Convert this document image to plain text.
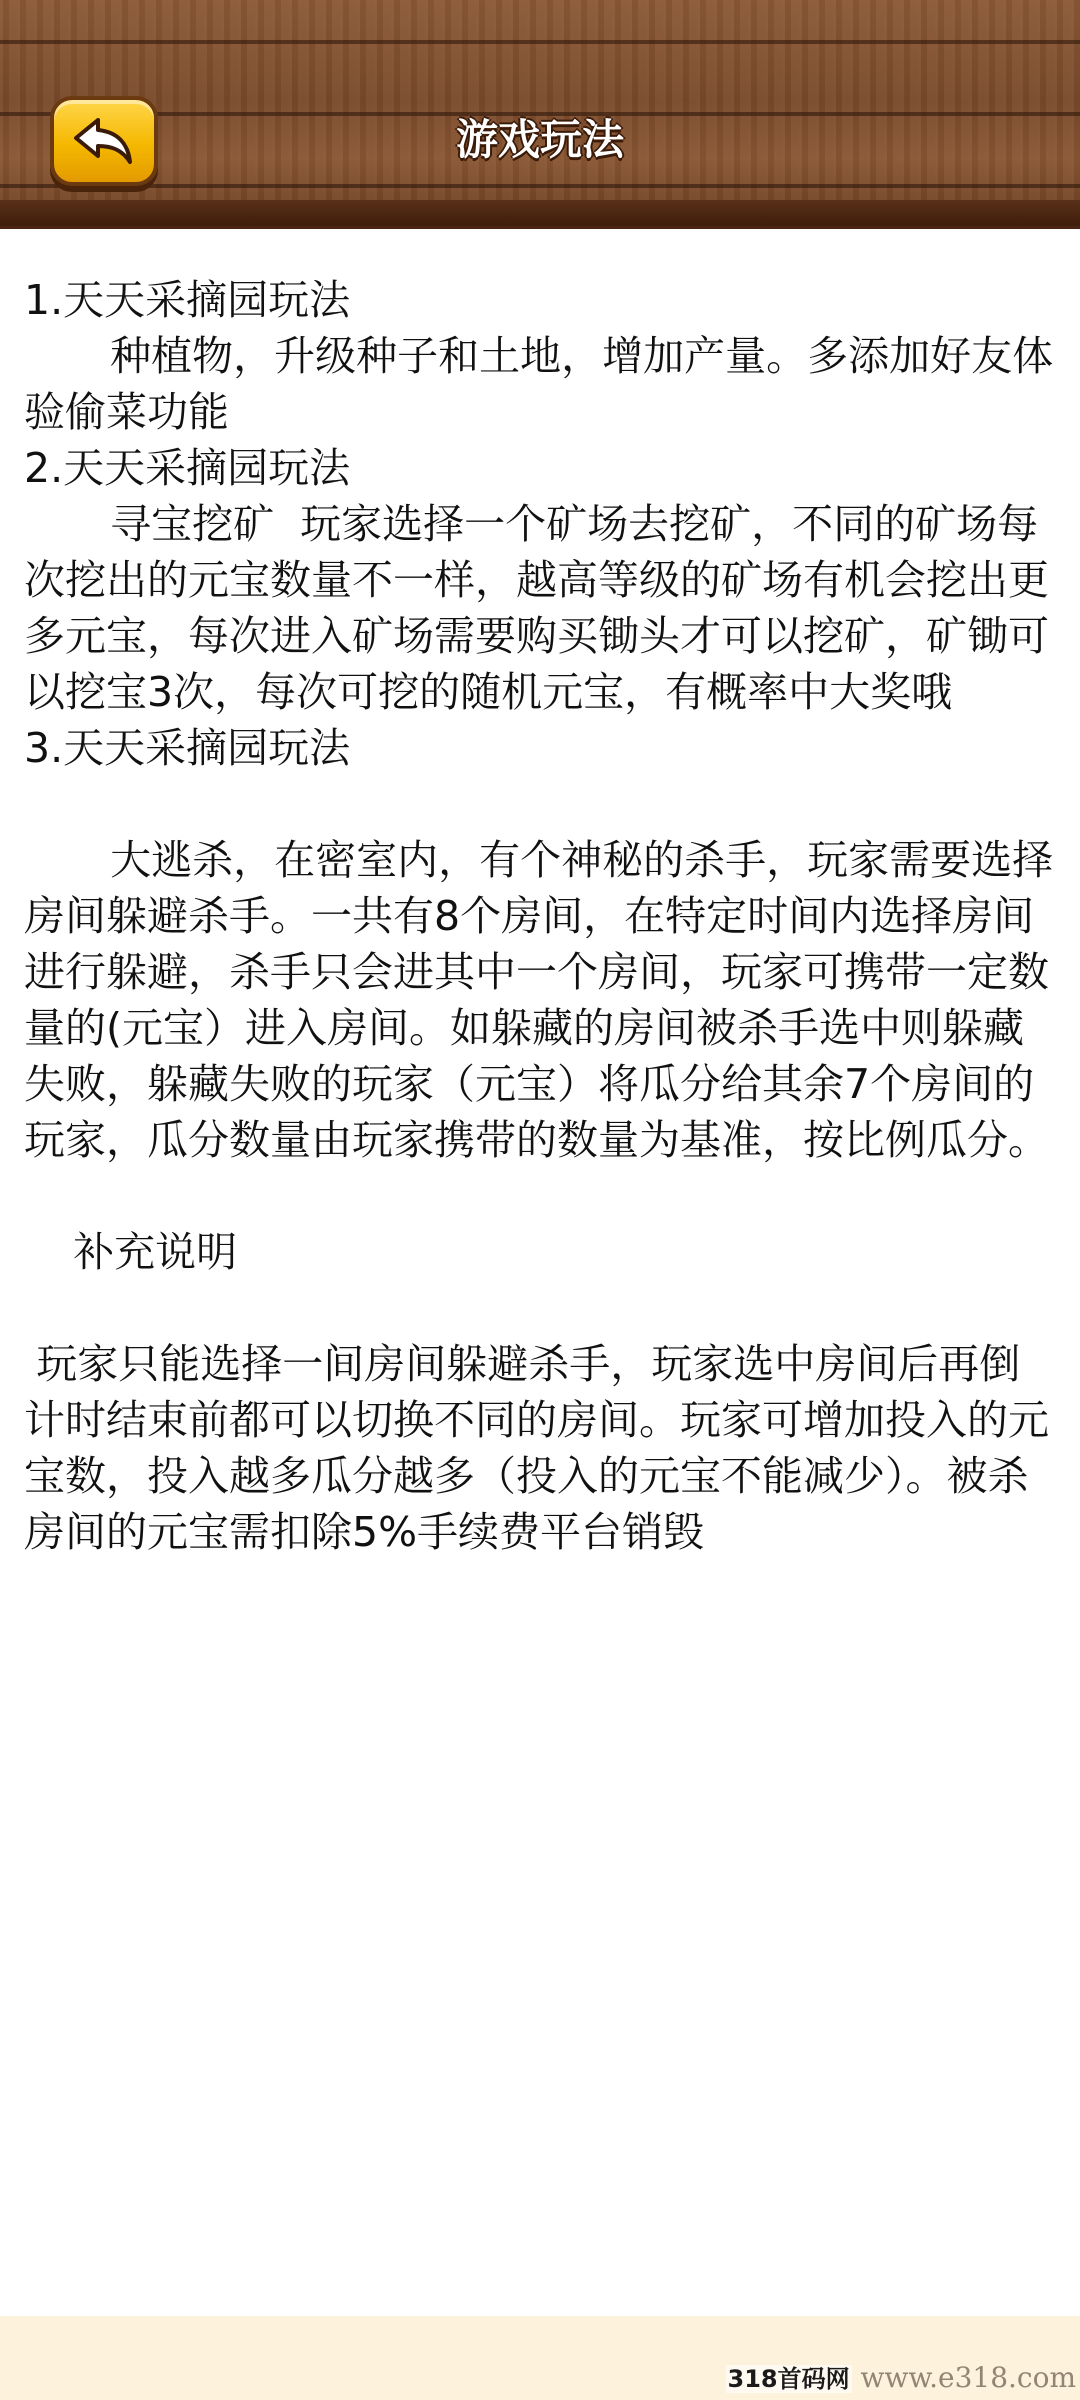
游戏玩法

1.天天采摘园玩法

种植物，升级种子和土地，增加产量。多添加好友体验偷菜功能

2.天天采摘园玩法

寻宝挖矿  玩家选择一个矿场去挖矿，不同的矿场每次挖出的元宝数量不一样，越高等级的矿场有机会挖出更多元宝，每次进入矿场需要购买锄头才可以挖矿，矿锄可以挖宝3次，每次可挖的随机元宝，有概率中大奖哦

3.天天采摘园玩法

大逃杀，在密室内，有个神秘的杀手，玩家需要选择房间躲避杀手。一共有8个房间，在特定时间内选择房间进行躲避，杀手只会进其中一个房间，玩家可携带一定数量的(元宝）进入房间。如躲藏的房间被杀手选中则躲藏失败，躲藏失败的玩家（元宝）将瓜分给其余7个房间的玩家，瓜分数量由玩家携带的数量为基准，按比例瓜分。

补充说明

玩家只能选择一间房间躲避杀手，玩家选中房间后再倒计时结束前都可以切换不同的房间。玩家可增加投入的元宝数，投入越多瓜分越多（投入的元宝不能减少）。被杀房间的元宝需扣除5%手续费平台销毁

318首码网 www.e318.com
